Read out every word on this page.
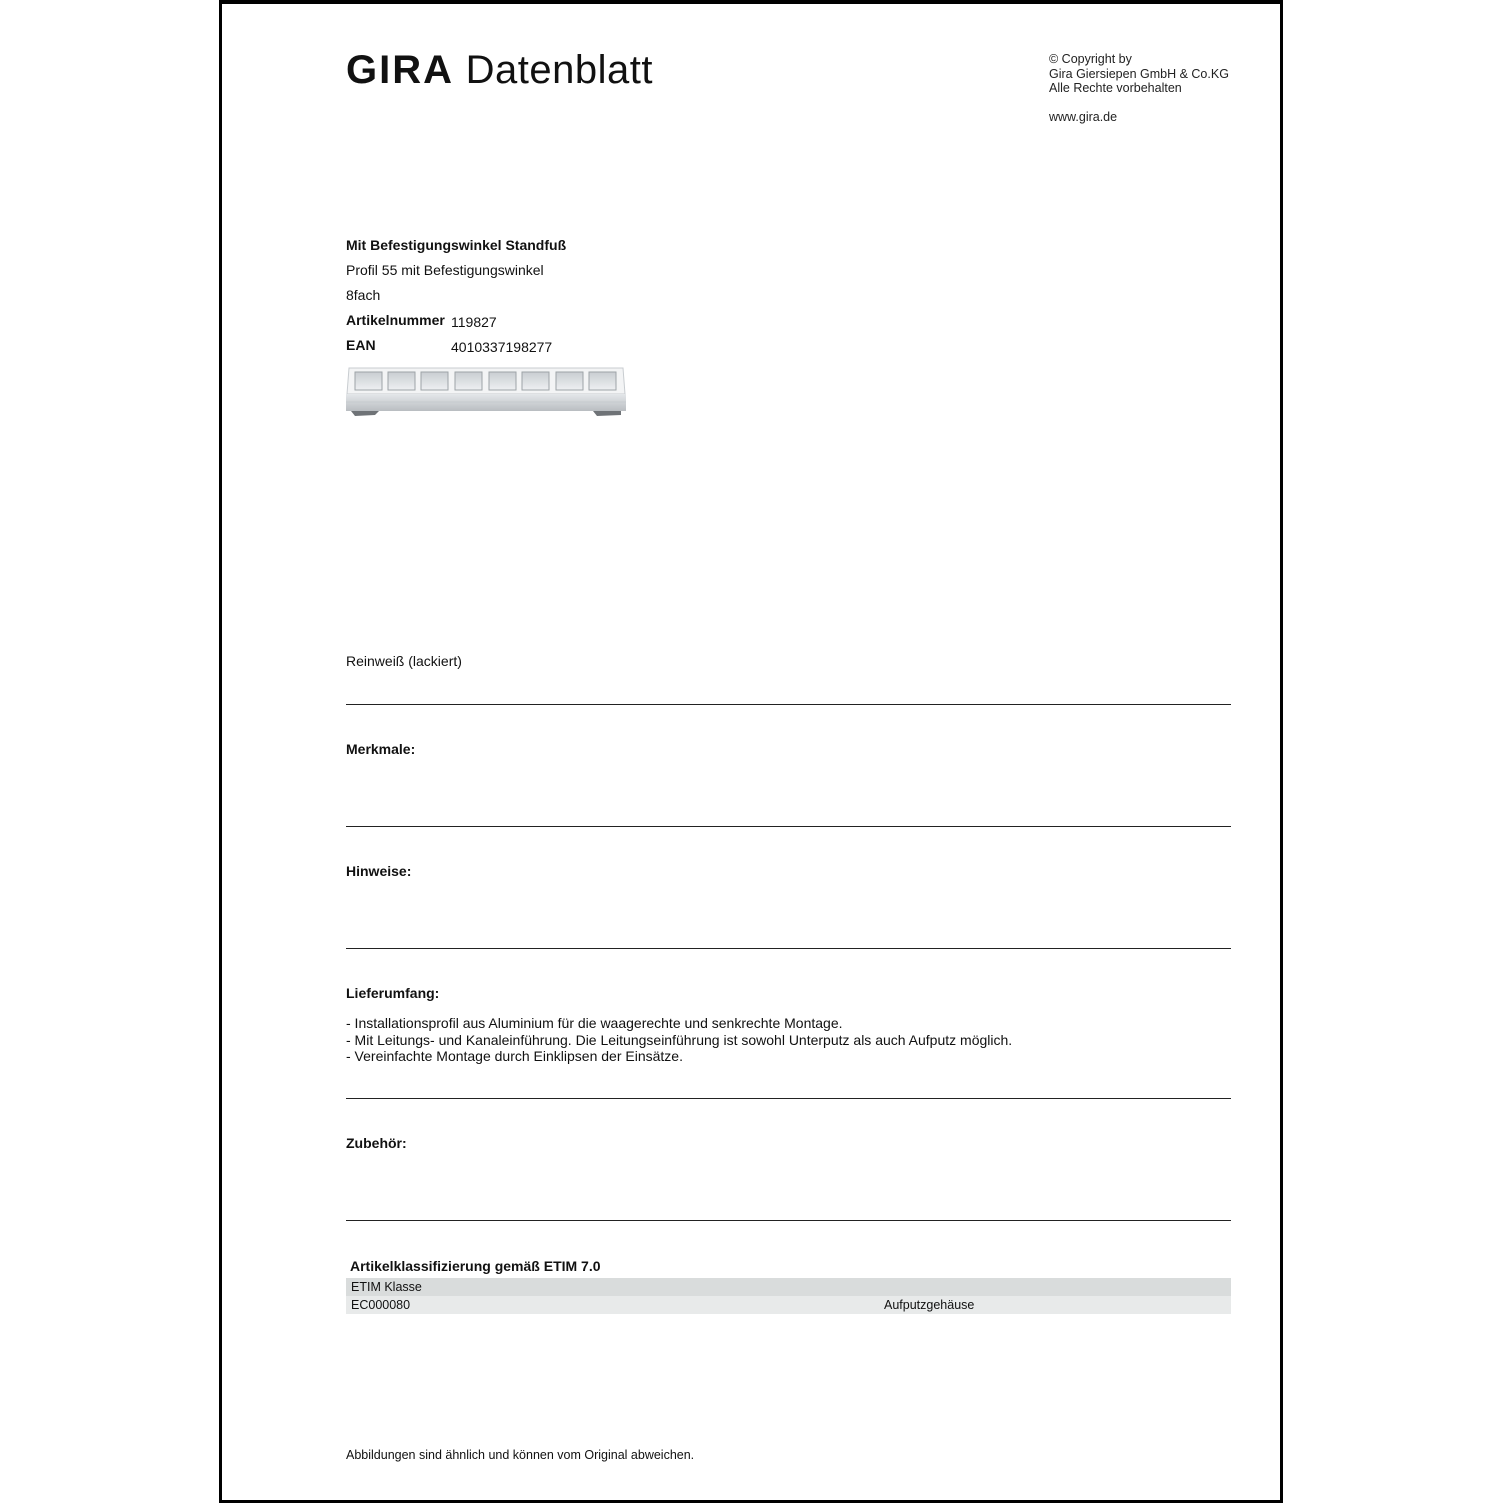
GIRA Datenblatt	© Copyright by
Gira Giersiepen GmbH & Co.KG
Alle Rechte vorbehalten
www.gira.de
Mit Befestigungswinkel Standfuß
Profil 55 mit Befestigungswinkel
8fach
Artikelnummer 119827
EAN	4010337198277
Reinweiß (lackiert)
Merkmale:
Hinweise:
Lieferumfang:
- Installationsprofil aus Aluminium für die waagerechte und senkrechte Montage.
- Mit Leitungs- und Kanaleinführung. Die Leitungseinführung ist sowohl Unterputz als auch Aufputz möglich.
- Vereinfachte Montage durch Einklipsen der Einsätze.
Zubehör:
Artikelklassifizierung gemäß ETIM 7.0
ETIM Klasse
EC000080	Aufputzgehäuse
Abbildungen sind ähnlich und können vom Original abweichen.
